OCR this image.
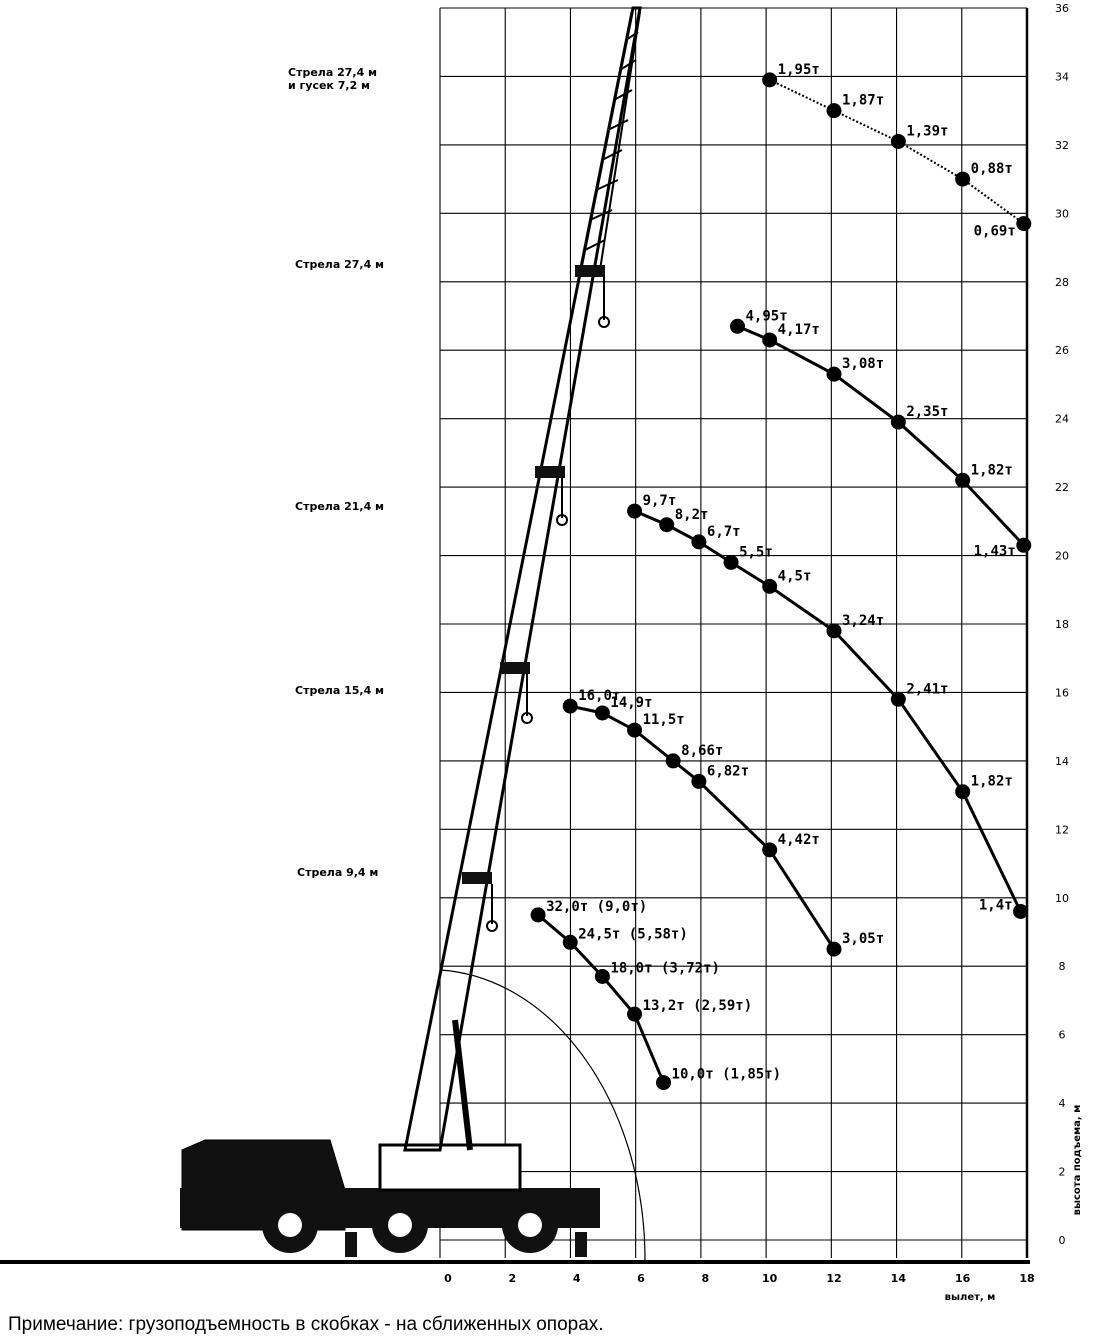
0
2
4
6
8
10
12
14
16
18
20
22
24
26
28
30
32
34
36
0	2	4	6	8	10	12	14	16	18
вылет, м
высота подъема, м
32,0т (9,0т)
24,5т (5,58т)
18,0т (3,72т)
13,2т (2,59т)
10,0т (1,85т)
16,0т
14,9т
11,5т
8,66т
6,82т
4,42т
3,05т
9,7т
8,2т
6,7т
5,5т
4,5т
3,24т
2,41т
1,82т
1,4т
4,95т
4,17т
3,08т
2,35т
1,82т
1,43т
1,95т
1,87т
1,39т
0,88т
0,69т
Стрела 27,4 м
и гусек 7,2 м
Стрела 27,4 м
Стрела 21,4 м
Стрела 15,4 м
Стрела 9,4 м
Примечание: грузоподъемность в скобках - на сближенных опорах.
